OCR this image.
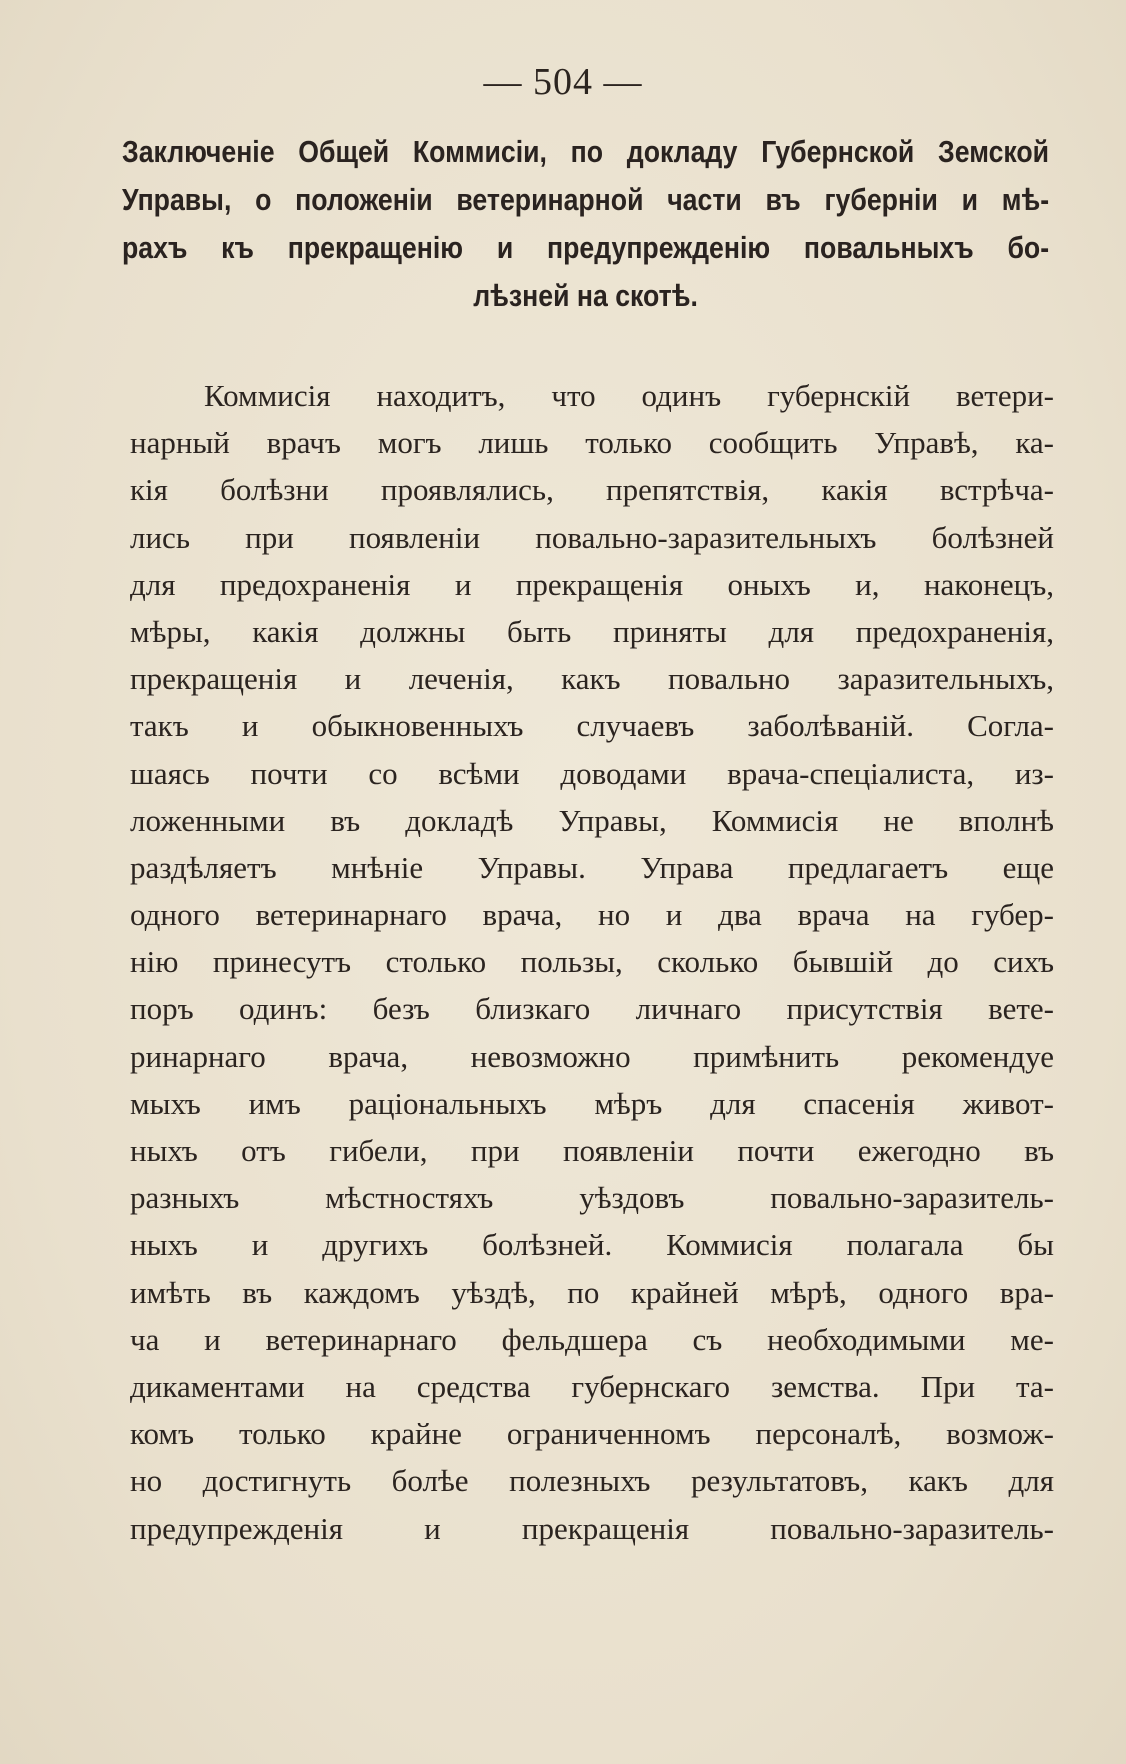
— 504 —
Заключеніе Общей Коммисіи, по докладу Губернской Земской
Управы, о положеніи ветеринарной части въ губерніи и мѣ-
рахъ къ прекращенію и предупрежденію повальныхъ бо-
лѣзней на скотѣ.
Коммисія находитъ, что одинъ губернскій ветери-
нарный врачъ могъ лишь только сообщить Управѣ, ка-
кія болѣзни проявлялись, препятствія, какія встрѣча-
лись при появленіи повально-заразительныхъ болѣзней
для предохраненія и прекращенія оныхъ и, наконецъ,
мѣры, какія должны быть приняты для предохраненія,
прекращенія и леченія, какъ повально заразительныхъ,
такъ и обыкновенныхъ случаевъ заболѣваній. Согла-
шаясь почти со всѣми доводами врача-спеціалиста, из-
ложенными въ докладѣ Управы, Коммисія не вполнѣ
раздѣляетъ мнѣніе Управы. Управа предлагаетъ еще
одного ветеринарнаго врача, но и два врача на губер-
нію принесутъ столько пользы, сколько бывшій до сихъ
поръ одинъ: безъ близкаго личнаго присутствія вете-
ринарнаго врача, невозможно примѣнить рекомендуе
мыхъ имъ раціональныхъ мѣръ для спасенія живот-
ныхъ отъ гибели, при появленіи почти ежегодно въ
разныхъ мѣстностяхъ уѣздовъ повально-заразитель-
ныхъ и другихъ болѣзней. Коммисія полагала бы
имѣть въ каждомъ уѣздѣ, по крайней мѣрѣ, одного вра-
ча и ветеринарнаго фельдшера съ необходимыми ме-
дикаментами на средства губернскаго земства. При та-
комъ только крайне ограниченномъ персоналѣ, возмож-
но достигнуть болѣе полезныхъ результатовъ, какъ для
предупрежденія и прекращенія повально-заразитель-
